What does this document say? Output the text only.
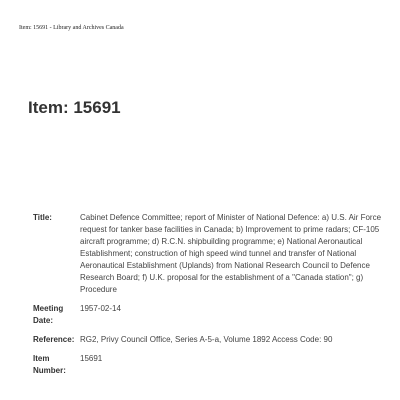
Item: 15691 - Library and Archives Canada
Item: 15691
Title:	Cabinet Defence Committee; report of Minister of National Defence: a) U.S. Air Force request for tanker base facilities in Canada; b) Improvement to prime radars; CF-105 aircraft programme; d) R.C.N. shipbuilding programme; e) National Aeronautical Establishment; construction of high speed wind tunnel and transfer of National Aeronautical Establishment (Uplands) from National Research Council to Defence Research Board; f) U.K. proposal for the establishment of a "Canada station"; g) Procedure
Meeting Date:
1957-02-14
Reference: RG2, Privy Council Office, Series A-5-a, Volume 1892 Access Code: 90
Item Number:
15691
